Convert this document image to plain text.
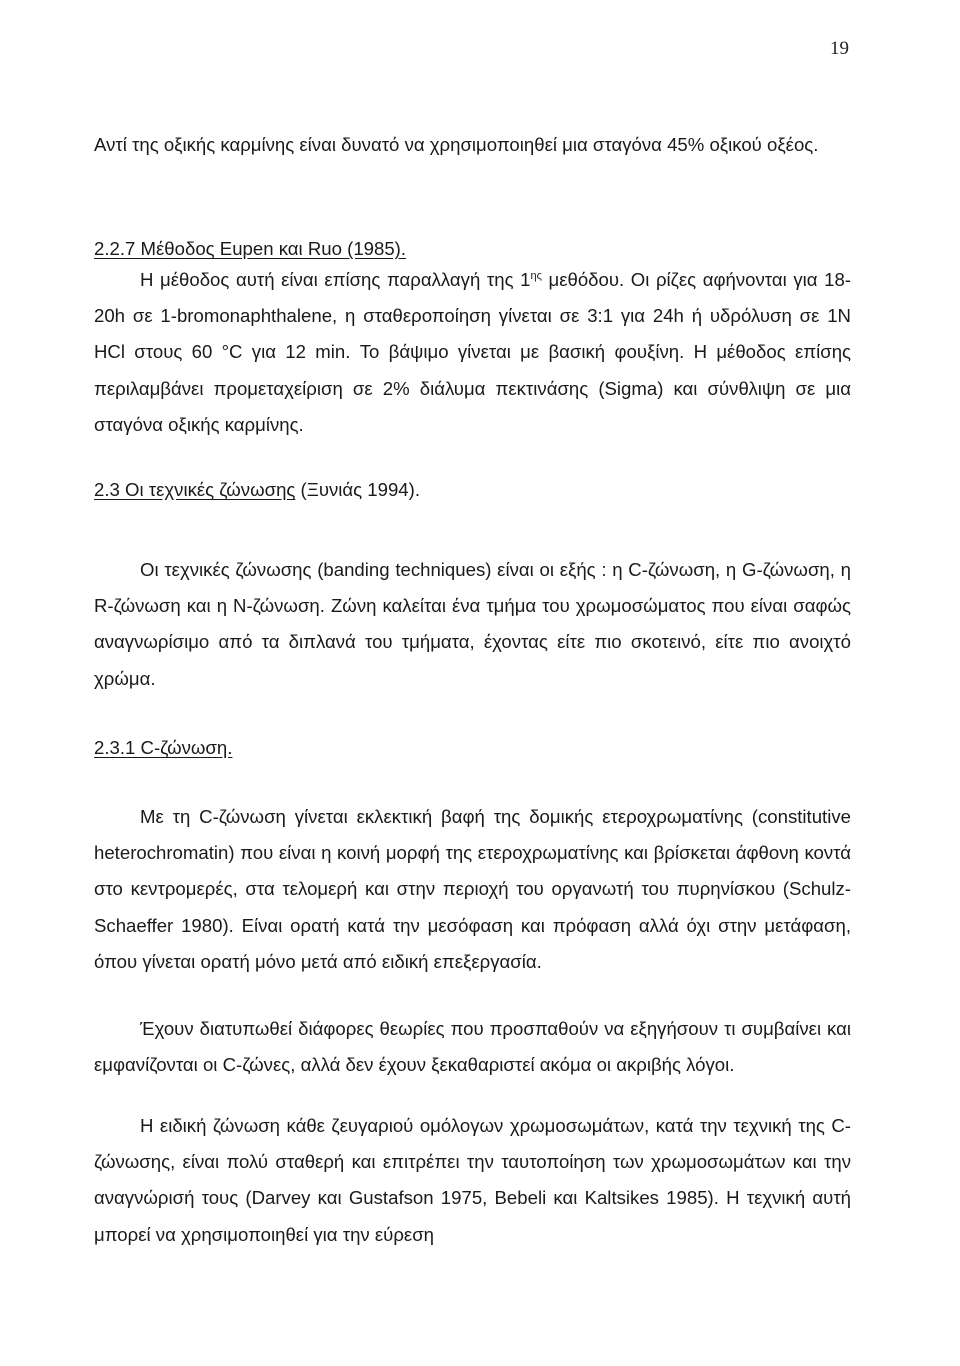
19

Αντί της οξικής καρμίνης είναι δυνατό να χρησιμοποιηθεί μια σταγόνα 45% οξικού οξέος.

2.2.7 Μέθοδος Eupen και Ruo (1985).

Η μέθοδος αυτή είναι επίσης παραλλαγή της $1^{\eta\varsigma}$ μεθόδου. Οι ρίζες αφήνονται για 18-20h σε 1-bromonaphthalene, η σταθεροποίηση γίνεται σε 3:1 για 24h ή υδρόλυση σε 1N HCl στους 60 °C για 12 min. Το βάψιμο γίνεται με βασική φουξίνη. Η μέθοδος επίσης περιλαμβάνει προμεταχείριση σε 2% διάλυμα πεκτινάσης (Sigma) και σύνθλιψη σε μια σταγόνα οξικής καρμίνης.

2.3 Οι τεχνικές ζώνωσης (Ξυνιάς 1994).

Οι τεχνικές ζώνωσης (banding techniques) είναι οι εξής : η C-ζώνωση, η G-ζώνωση, η R-ζώνωση και η N-ζώνωση. Ζώνη καλείται ένα τμήμα του χρωμοσώματος που είναι σαφώς αναγνωρίσιμο από τα διπλανά του τμήματα, έχοντας είτε πιο σκοτεινό, είτε πιο ανοιχτό χρώμα.

2.3.1 C-ζώνωση.

Με τη C-ζώνωση γίνεται εκλεκτική βαφή της δομικής ετεροχρωματίνης (constitutive heterochromatin) που είναι η κοινή μορφή της ετεροχρωματίνης και βρίσκεται άφθονη κοντά στο κεντρομερές, στα τελομερή και στην περιοχή του οργανωτή του πυρηνίσκου (Schulz-Schaeffer 1980). Είναι ορατή κατά την μεσόφαση και πρόφαση αλλά όχι στην μετάφαση, όπου γίνεται ορατή μόνο μετά από ειδική επεξεργασία.

Έχουν διατυπωθεί διάφορες θεωρίες που προσπαθούν να εξηγήσουν τι συμβαίνει και εμφανίζονται οι C-ζώνες, αλλά δεν έχουν ξεκαθαριστεί ακόμα οι ακριβής λόγοι.

Η ειδική ζώνωση κάθε ζευγαριού ομόλογων χρωμοσωμάτων, κατά την τεχνική της C-ζώνωσης, είναι πολύ σταθερή και επιτρέπει την ταυτοποίηση των χρωμοσωμάτων και την αναγνώρισή τους (Darvey και Gustafson 1975, Bebeli και Kaltsikes 1985). Η τεχνική αυτή μπορεί να χρησιμοποιηθεί για την εύρεση
